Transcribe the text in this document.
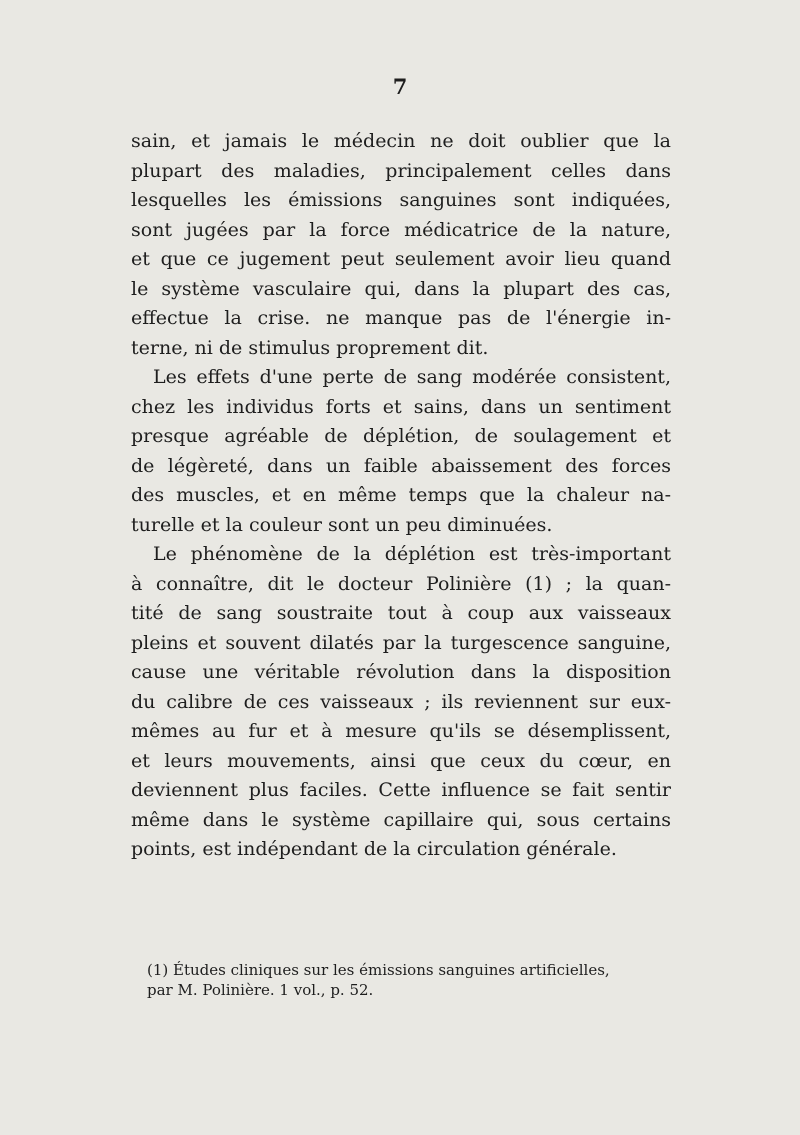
7
sain, et jamais le médecin ne doit oublier que la
plupart des maladies, principalement celles dans
lesquelles les émissions sanguines sont indiquées,
sont jugées par la force médicatrice de la nature,
et que ce jugement peut seulement avoir lieu quand
le système vasculaire qui, dans la plupart des cas,
effectue la crise. ne manque pas de l'énergie in-
terne, ni de stimulus proprement dit.
Les effets d'une perte de sang modérée consistent,
chez les individus forts et sains, dans un sentiment
presque agréable de déplétion, de soulagement et
de légèreté, dans un faible abaissement des forces
des muscles, et en même temps que la chaleur na-
turelle et la couleur sont un peu diminuées.
Le phénomène de la déplétion est très-important
à connaître, dit le docteur Polinière (1) ; la quan-
tité de sang soustraite tout à coup aux vaisseaux
pleins et souvent dilatés par la turgescence sanguine,
cause une véritable révolution dans la disposition
du calibre de ces vaisseaux ; ils reviennent sur eux-
mêmes au fur et à mesure qu'ils se désemplissent,
et leurs mouvements, ainsi que ceux du cœur, en
deviennent plus faciles. Cette influence se fait sentir
même dans le système capillaire qui, sous certains
points, est indépendant de la circulation générale.
(1) Études cliniques sur les émissions sanguines artificielles,
par M. Polinière. 1 vol., p. 52.
